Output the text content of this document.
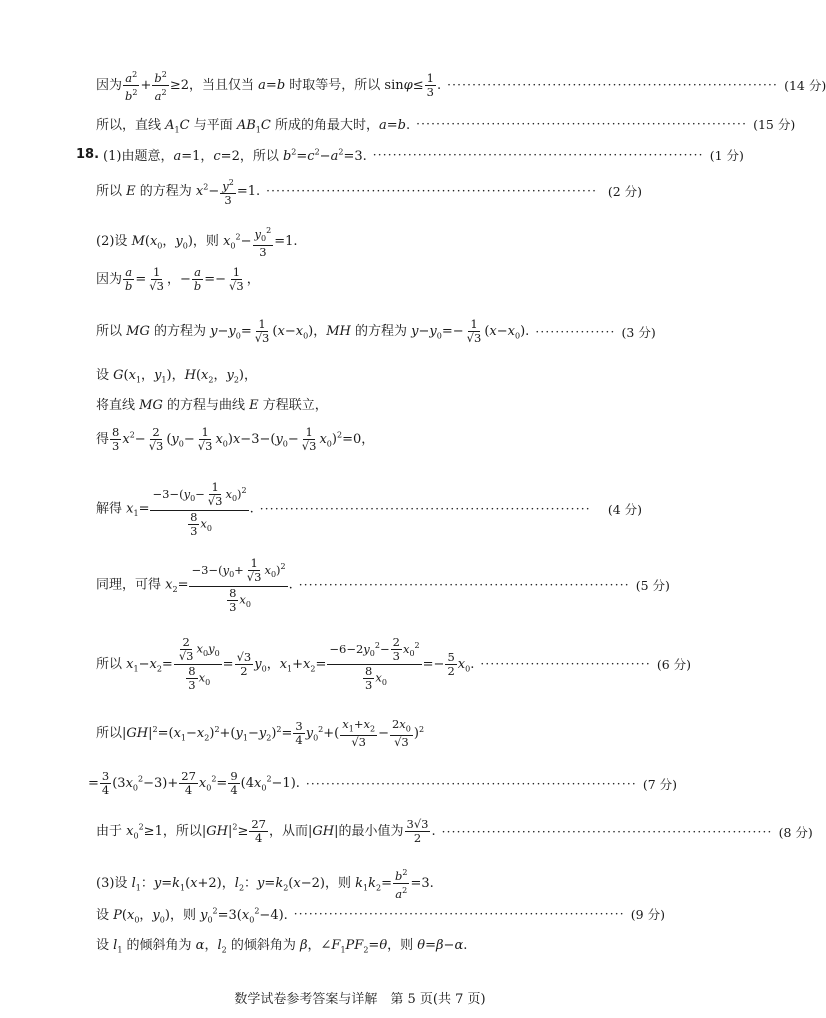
因为 $\frac{a^2}{b^2} + \frac{b^2}{a^2} \ge 2$，当且仅当 a=b 时取等号，所以 $\sin\varphi\le \frac{1}{3}$ . ·································································· (14 分)
所以，直线 $A_1C$ 与平面 $AB_1C$ 所成的角最大时，a=b. ·································································· (15 分)
18. (1)由题意，a=1，c=2，所以 $b^2=c^2-a^2=3$. ·································································· (1 分)
所以 E 的方程为 $x^2- \frac{y^2}{3} =1$. ·································································· (2 分)
(2)设 $M(x_0$，$y_0$)，则 $x_0^2- \frac{y_0^2}{3} =1$.
因为 $\frac{a}{b} = \frac{1}{√3}$ ，− $\frac{a}{b} =- \frac{1}{√3}$ ，
所以 MG 的方程为 $y-y_0= \frac{1}{√3} (x-x_0)$，MH 的方程为 $y-y_0=- \frac{1}{√3} (x-x_0)$. ················ (3 分)
设 $G(x_1$，$y_1$)，$H(x_2$，$y_2$)，
将直线 MG 的方程与曲线 E 方程联立，
得 $\frac{8}{3} x^2- \frac{2}{√3} (y_0- \frac{1}{√3} x_0)x-3-(y_0- \frac{1}{√3} x_0)^2=0$，
解得 $x_1= \frac{-3-(y_0- \frac{1}{√3} x_0)^2}{\frac{8}{3} x_0}$ . ··································································	(4 分)
同理，可得 $x_2= \frac{-3-(y_0+ \frac{1}{√3} x_0)^2}{\frac{8}{3} x_0}$ . ·································································· (5 分)
所以 $x_1-x_2= \frac{\frac{2}{√3} x_0y_0}{\frac{8}{3} x_0} = \frac{√3}{2} y_0$，$x_1+x_2= \frac{-6-2y_0^2- \frac{2}{3} x_0^2}{\frac{8}{3} x_0} =- \frac{5}{2} x_0$. ·································· (6 分)
所以$|GH|^2=(x_1-x_2)^2+(y_1-y_2)^2= \frac{3}{4} y_0^2+( \frac{x_1+x_2}{√3} - \frac{2x_0}{√3} )^2$
= $\frac{3}{4} (3x_0^2-3)+ \frac{27}{4} x_0^2= \frac{9}{4} (4x_0^2-1)$. ·································································· (7 分)
由于 $x_0^2\ge 1$，所以$|GH|^2\ge \frac{27}{4}$ ，从而|GH|的最小值为 $\frac{3√3}{2}$ . ·································································· (8 分)
(3)设 $l_1$：$y=k_1(x+2)$，$l_2$：$y=k_2(x-2)$，则 $k_1k_2= \frac{b^2}{a^2} =3$.
设 $P(x_0$，$y_0$)，则 $y_0^2=3(x_0^2-4)$. ·································································· (9 分)
设 $l_1$ 的倾斜角为 α，$l_2$ 的倾斜角为 β，$\angle F_1PF_2=\theta$，则 θ=β−α.
数学试卷参考答案与详解　第 5 页(共 7 页)
